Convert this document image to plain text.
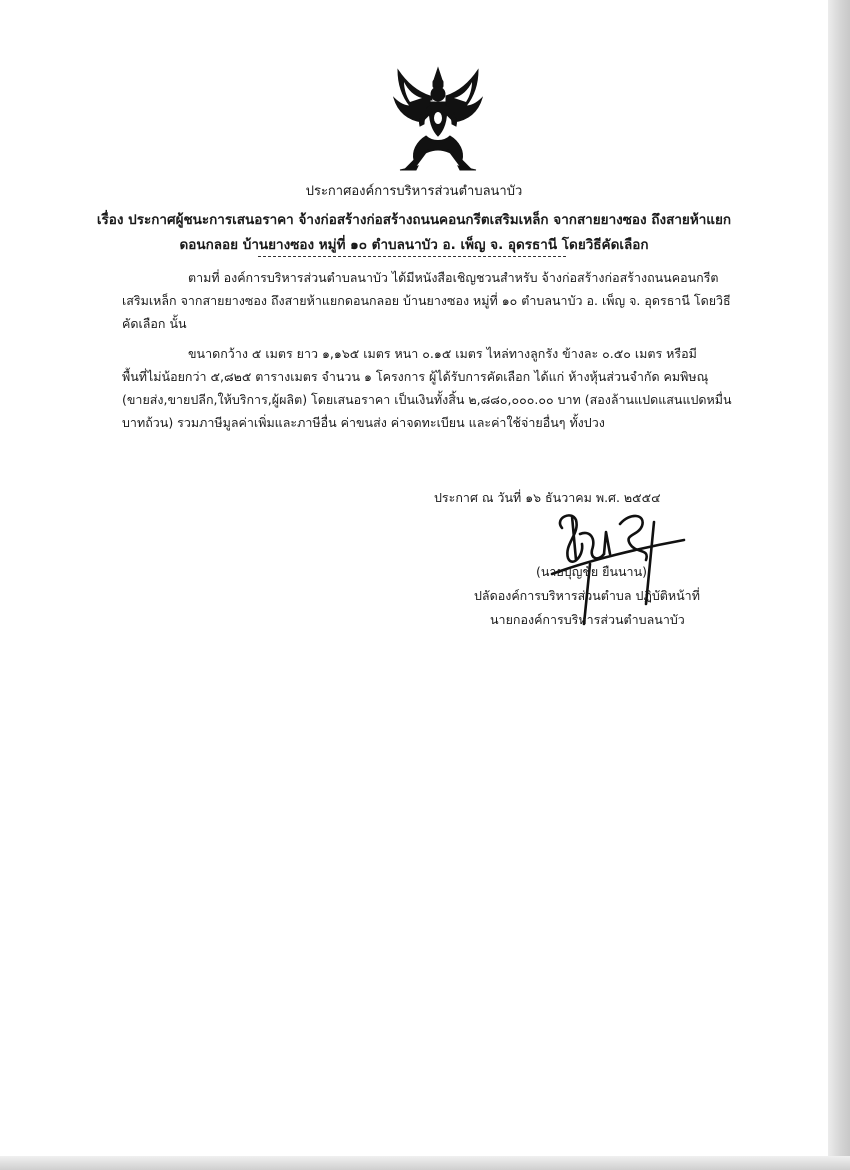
ประกาศองค์การบริหารส่วนตำบลนาบัว
เรื่อง ประกาศผู้ชนะการเสนอราคา จ้างก่อสร้างก่อสร้างถนนคอนกรีตเสริมเหล็ก จากสายยางซอง ถึงสายห้าแยก
ดอนกลอย บ้านยางซอง หมู่ที่ ๑๐ ตำบลนาบัว อ. เพ็ญ จ. อุดรธานี โดยวิธีคัดเลือก
ตามที่ องค์การบริหารส่วนตำบลนาบัว ได้มีหนังสือเชิญชวนสำหรับ จ้างก่อสร้างก่อสร้างถนนคอนกรีต
เสริมเหล็ก จากสายยางซอง ถึงสายห้าแยกดอนกลอย บ้านยางซอง หมู่ที่ ๑๐ ตำบลนาบัว อ. เพ็ญ จ. อุดรธานี โดยวิธี
คัดเลือก นั้น
ขนาดกว้าง ๕ เมตร ยาว ๑,๑๖๕ เมตร หนา ๐.๑๕ เมตร ไหล่ทางลูกรัง ข้างละ ๐.๕๐ เมตร หรือมี
พื้นที่ไม่น้อยกว่า ๕,๘๒๕ ตารางเมตร จำนวน ๑ โครงการ ผู้ได้รับการคัดเลือก ได้แก่ ห้างหุ้นส่วนจำกัด คมพิษณุ
(ขายส่ง,ขายปลีก,ให้บริการ,ผู้ผลิต) โดยเสนอราคา เป็นเงินทั้งสิ้น ๒,๘๘๐,๐๐๐.๐๐ บาท (สองล้านแปดแสนแปดหมื่น
บาทถ้วน) รวมภาษีมูลค่าเพิ่มและภาษีอื่น ค่าขนส่ง ค่าจดทะเบียน และค่าใช้จ่ายอื่นๆ ทั้งปวง
ประกาศ ณ วันที่ ๑๖ ธันวาคม พ.ศ. ๒๕๕๔
(นายบุญชัย ยืนนาน)
ปลัดองค์การบริหารส่วนตำบล ปฏิบัติหน้าที่
นายกองค์การบริหารส่วนตำบลนาบัว
